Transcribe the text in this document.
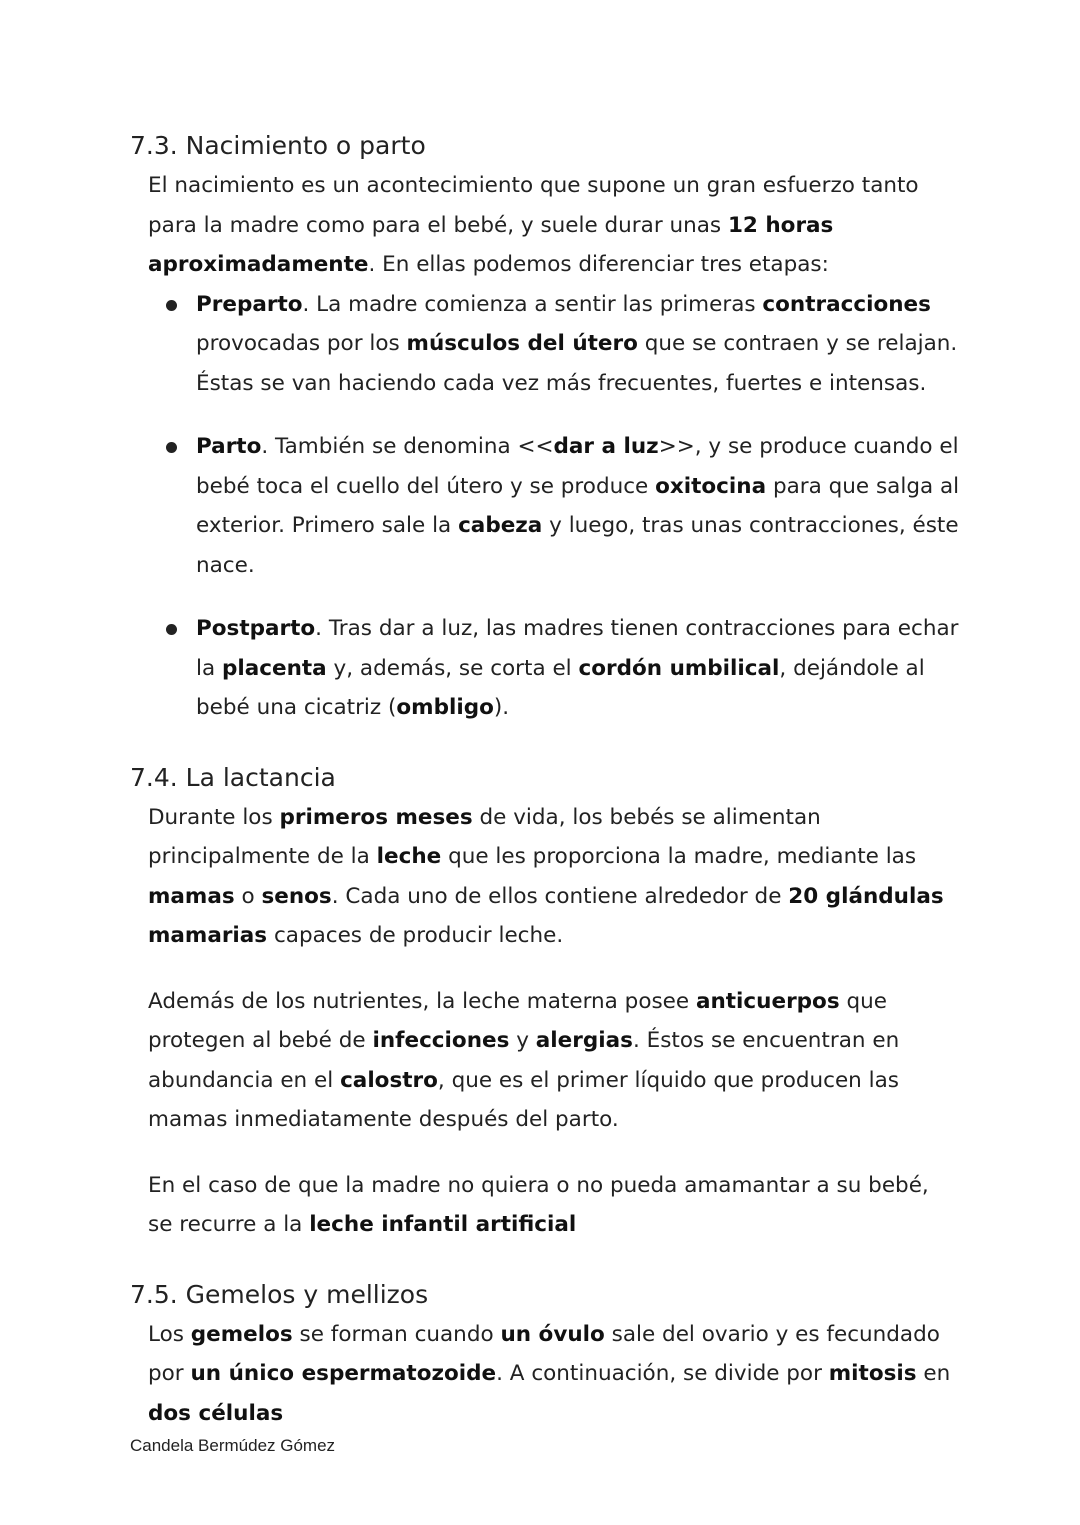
7.3. Nacimiento o parto

El nacimiento es un acontecimiento que supone un gran esfuerzo tanto para la madre como para el bebé, y suele durar unas 12 horas aproximadamente. En ellas podemos diferenciar tres etapas:

Preparto. La madre comienza a sentir las primeras contracciones provocadas por los músculos del útero que se contraen y se relajan. Éstas se van haciendo cada vez más frecuentes, fuertes e intensas.
Parto. También se denomina <<dar a luz>>, y se produce cuando el bebé toca el cuello del útero y se produce oxitocina para que salga al exterior. Primero sale la cabeza y luego, tras unas contracciones, éste nace.
Postparto. Tras dar a luz, las madres tienen contracciones para echar la placenta y, además, se corta el cordón umbilical, dejándole al bebé una cicatriz (ombligo).
7.4. La lactancia

Durante los primeros meses de vida, los bebés se alimentan principalmente de la leche que les proporciona la madre, mediante las mamas o senos. Cada uno de ellos contiene alrededor de 20 glándulas mamarias capaces de producir leche.

Además de los nutrientes, la leche materna posee anticuerpos que protegen al bebé de infecciones y alergias. Éstos se encuentran en abundancia en el calostro, que es el primer líquido que producen las mamas inmediatamente después del parto.

En el caso de que la madre no quiera o no pueda amamantar a su bebé, se recurre a la leche infantil artificial

7.5. Gemelos y mellizos

Los gemelos se forman cuando un óvulo sale del ovario y es fecundado por un único espermatozoide. A continuación, se divide por mitosis en dos células

Candela Bermúdez Gómez
